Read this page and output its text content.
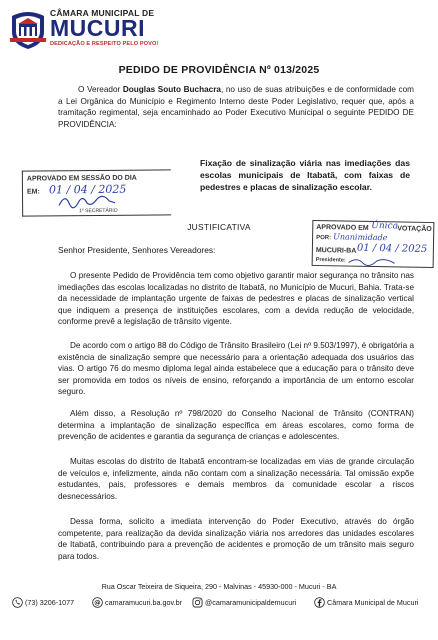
CÂMARA MUNICIPAL DE
MUCURI
DEDICAÇÃO E RESPEITO PELO POVO!
PEDIDO DE PROVIDÊNCIA Nº 013/2025

O Vereador Douglas Souto Buchacra, no uso de suas atribuições e de conformidade com a Lei Orgânica do Município e Regimento Interno deste Poder Legislativo, requer que, após a tramitação regimental, seja encaminhado ao Poder Executivo Municipal o seguinte PEDIDO DE PROVIDÊNCIA:

Fixação de sinalização viária nas imediações das escolas municipais de Itabatã, com faixas de pedestres e placas de sinalização escolar.

APROVADO EM SESSÃO DO DIA
EM: 01 / 04 / 2025
1º SECRETÁRIO
JUSTIFICATIVA	APROVADO EM Única VOTAÇÃO
POR: Unanimidade
MUCURI-BA 01 / 04 / 2025
Presidente:
Senhor Presidente, Senhores Vereadores:

O presente Pedido de Providência tem como objetivo garantir maior segurança no trânsito nas imediações das escolas localizadas no distrito de Itabatã, no Município de Mucuri, Bahia. Trata-se da necessidade de implantação urgente de faixas de pedestres e placas de sinalização vertical que indiquem a presença de instituições escolares, com a devida redução de velocidade, conforme prevê a legislação de trânsito vigente.

De acordo com o artigo 88 do Código de Trânsito Brasileiro (Lei nº 9.503/1997), é obrigatória a existência de sinalização sempre que necessário para a orientação adequada dos usuários das vias. O artigo 76 do mesmo diploma legal ainda estabelece que a educação para o trânsito deve ser promovida em todos os níveis de ensino, reforçando a importância de um entorno escolar seguro.

Além disso, a Resolução nº 798/2020 do Conselho Nacional de Trânsito (CONTRAN) determina a implantação de sinalização específica em áreas escolares, como forma de prevenção de acidentes e garantia da segurança de crianças e adolescentes.

Muitas escolas do distrito de Itabatã encontram-se localizadas em vias de grande circulação de veículos e, infelizmente, ainda não contam com a sinalização necessária. Tal omissão expõe estudantes, pais, professores e demais membros da comunidade escolar a riscos desnecessários.

Dessa forma, solicito a imediata intervenção do Poder Executivo, através do órgão competente, para realização da devida sinalização viária nos arredores das unidades escolares de Itabatã, contribuindo para a prevenção de acidentes e promoção de um trânsito mais seguro para todos.

Rua Oscar Teixeira de Siqueira, 290 - Malvinas - 45930-000 - Mucuri - BA
(73) 3206-1077	@ camaramucuri.ba.gov.br	@camaramunicipaldemucuri	Câmara Municipal de Mucuri
